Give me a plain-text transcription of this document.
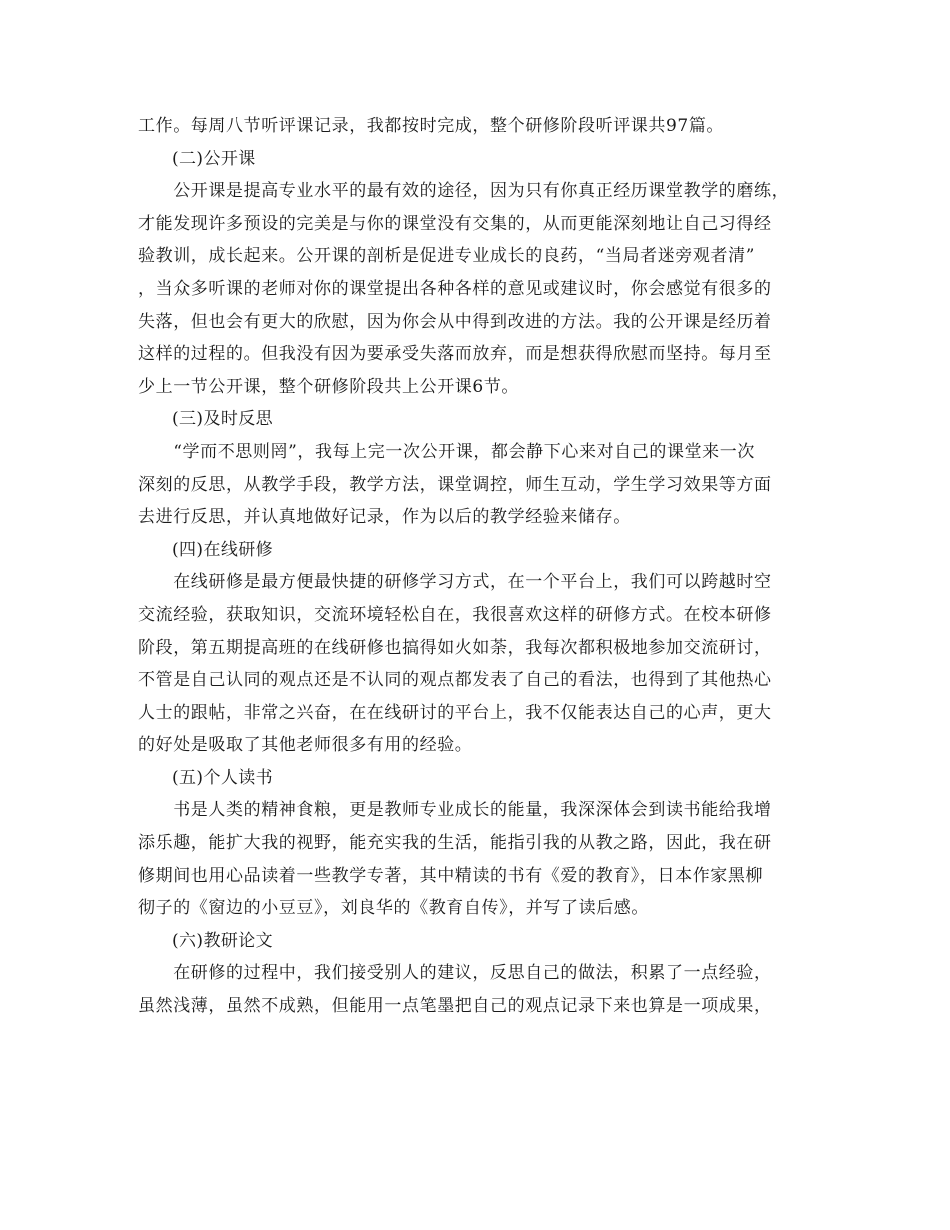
工作。每周八节听评课记录，我都按时完成，整个研修阶段听评课共97篇。
(二)公开课
　　公开课是提高专业水平的最有效的途径，因为只有你真正经历课堂教学的磨练，
才能发现许多预设的完美是与你的课堂没有交集的，从而更能深刻地让自己习得经
验教训，成长起来。公开课的剖析是促进专业成长的良药，“当局者迷旁观者清”
，当众多听课的老师对你的课堂提出各种各样的意见或建议时，你会感觉有很多的
失落，但也会有更大的欣慰，因为你会从中得到改进的方法。我的公开课是经历着
这样的过程的。但我没有因为要承受失落而放弃，而是想获得欣慰而坚持。每月至
少上一节公开课，整个研修阶段共上公开课6节。
(三)及时反思
　　“学而不思则罔”，我每上完一次公开课，都会静下心来对自己的课堂来一次
深刻的反思，从教学手段，教学方法，课堂调控，师生互动，学生学习效果等方面
去进行反思，并认真地做好记录，作为以后的教学经验来储存。
(四)在线研修
　　在线研修是最方便最快捷的研修学习方式，在一个平台上，我们可以跨越时空
交流经验，获取知识，交流环境轻松自在，我很喜欢这样的研修方式。在校本研修
阶段，第五期提高班的在线研修也搞得如火如荼，我每次都积极地参加交流研讨，
不管是自己认同的观点还是不认同的观点都发表了自己的看法，也得到了其他热心
人士的跟帖，非常之兴奋，在在线研讨的平台上，我不仅能表达自己的心声，更大
的好处是吸取了其他老师很多有用的经验。
(五)个人读书
　　书是人类的精神食粮，更是教师专业成长的能量，我深深体会到读书能给我增
添乐趣，能扩大我的视野，能充实我的生活，能指引我的从教之路，因此，我在研
修期间也用心品读着一些教学专著，其中精读的书有《爱的教育》，日本作家黑柳
彻子的《窗边的小豆豆》，刘良华的《教育自传》，并写了读后感。
(六)教研论文
　　在研修的过程中，我们接受别人的建议，反思自己的做法，积累了一点经验，
虽然浅薄，虽然不成熟，但能用一点笔墨把自己的观点记录下来也算是一项成果，
